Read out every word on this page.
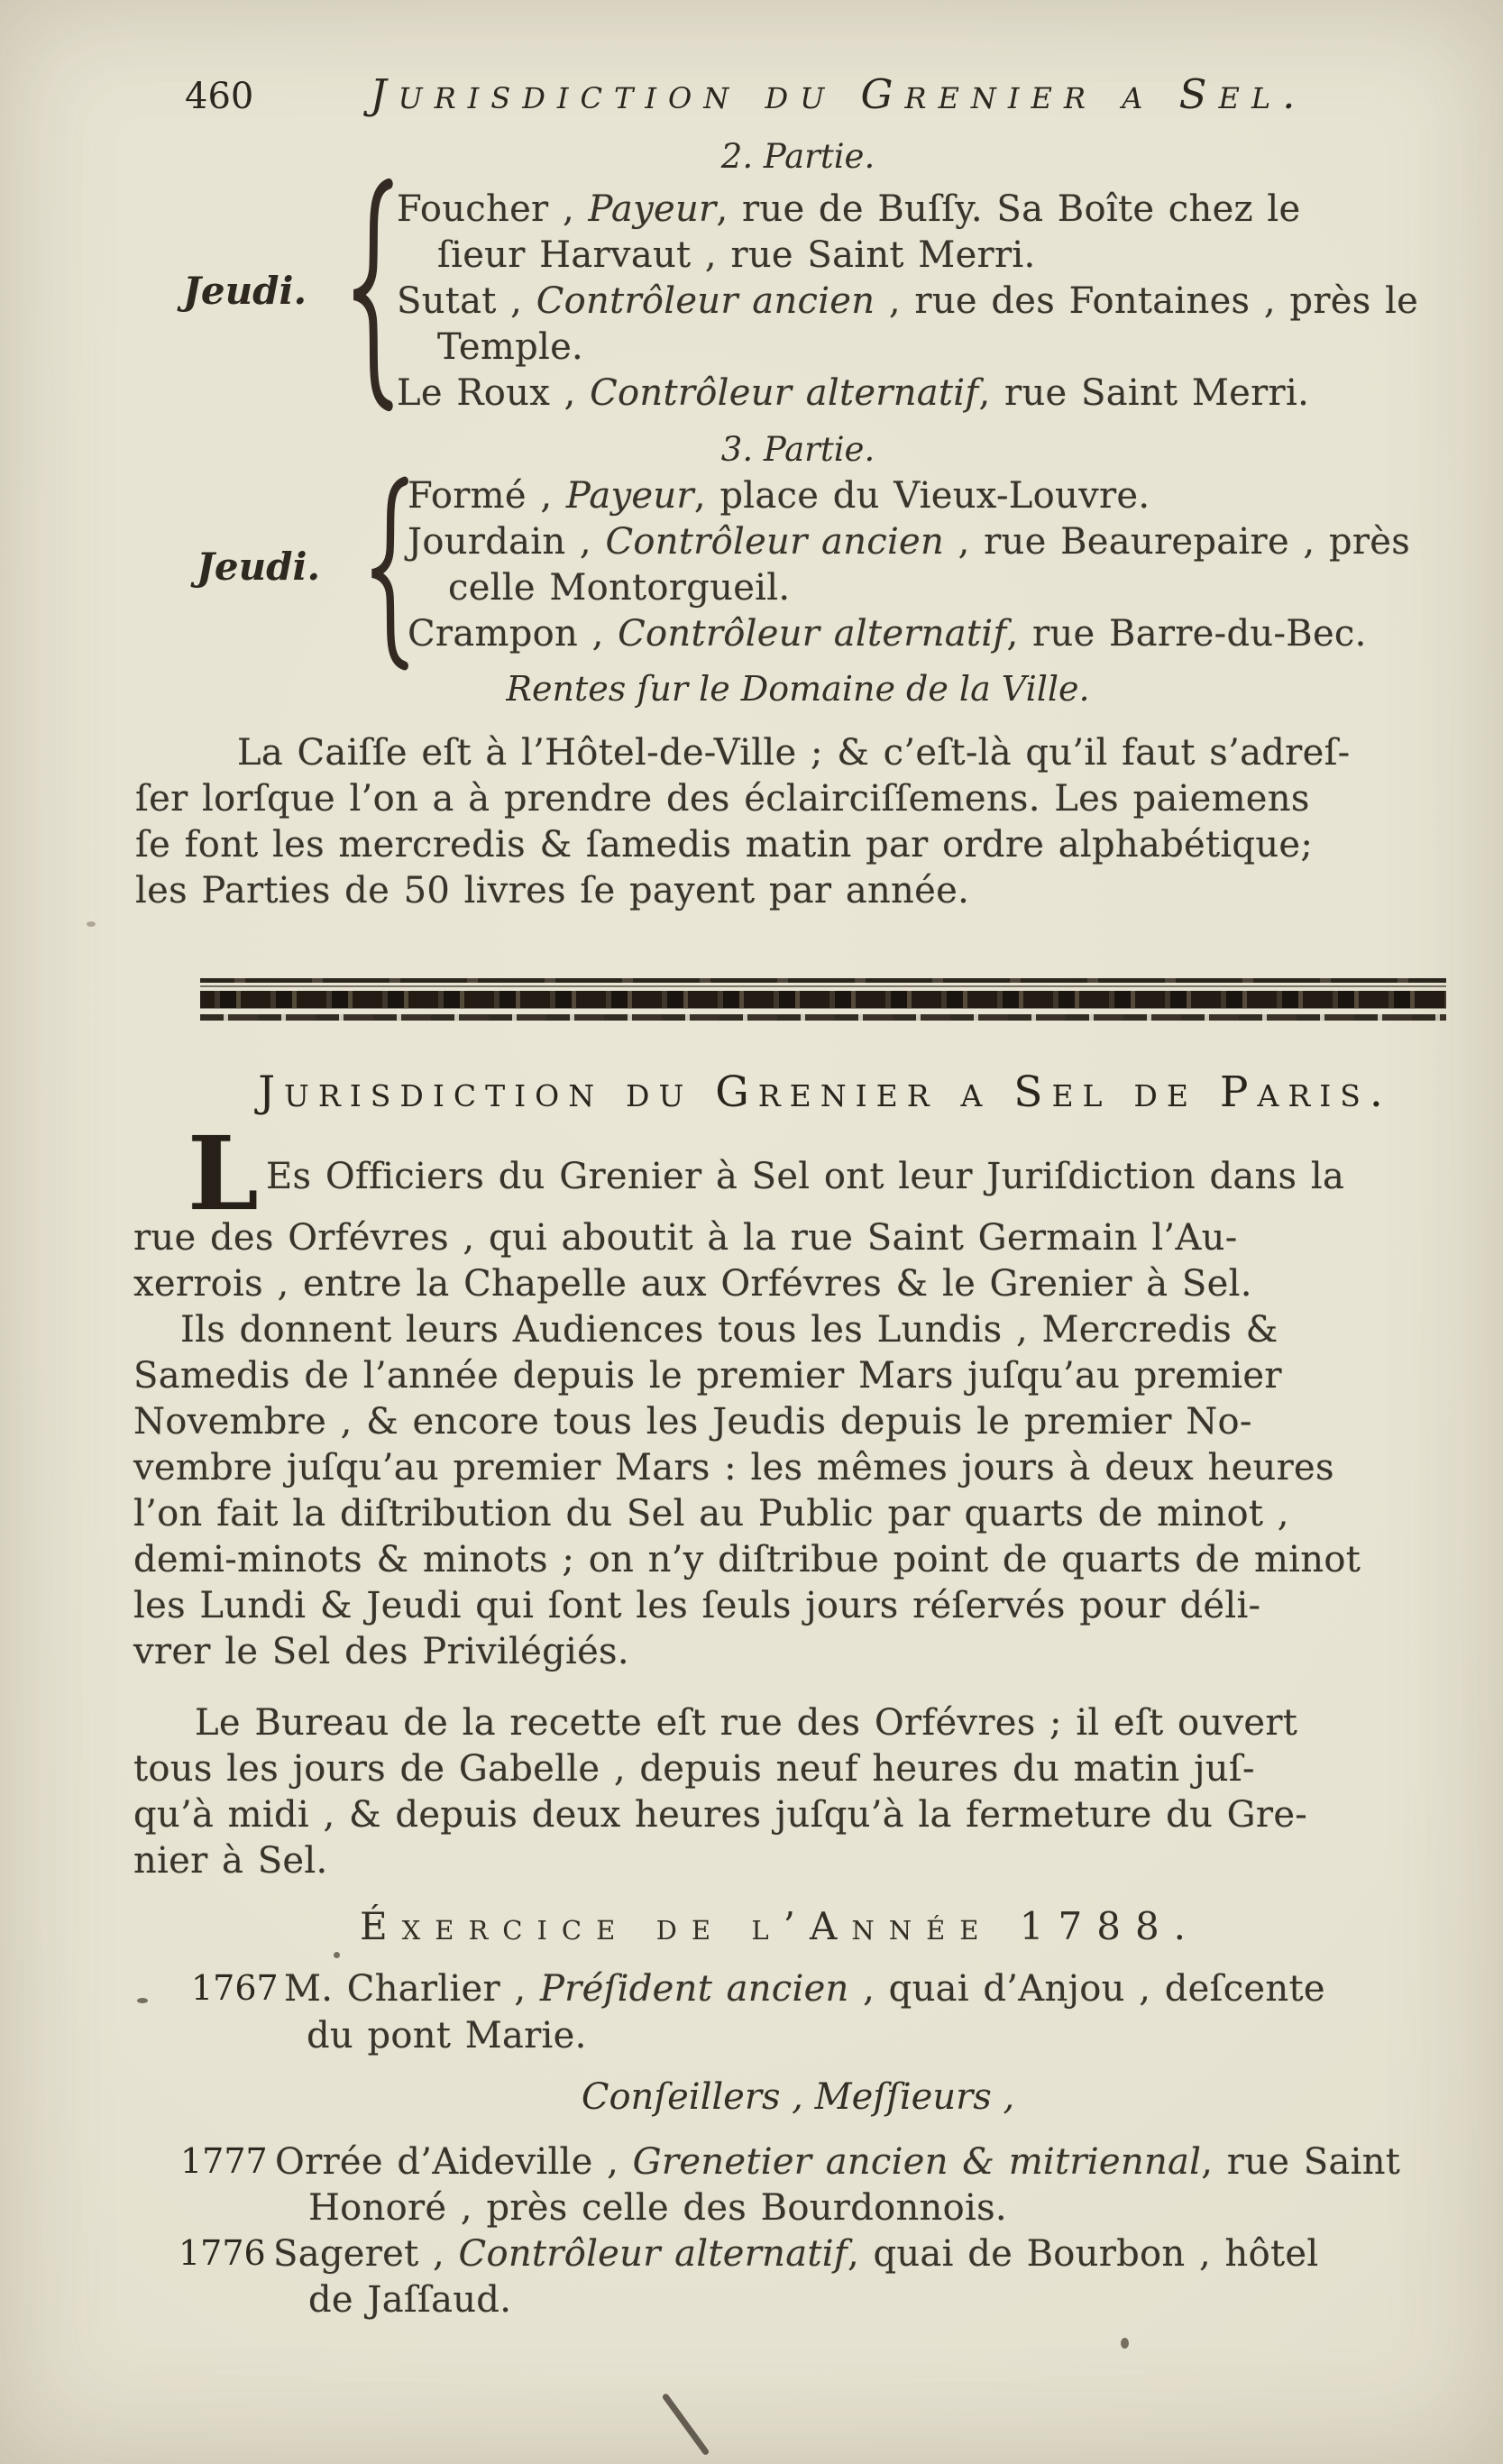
460	Jurisdiction du Grenier a Sel.
2. Partie.
Jeudi.
Foucher , Payeur, rue de Buſſy. Sa Boîte chez le
ſieur Harvaut , rue Saint Merri.
Sutat , Contrôleur ancien , rue des Fontaines , près le
Temple.
Le Roux , Contrôleur alternatif, rue Saint Merri.
3. Partie.
Jeudi.
Formé , Payeur, place du Vieux-Louvre.
Jourdain , Contrôleur ancien , rue Beaurepaire , près
celle Montorgueil.
Crampon , Contrôleur alternatif, rue Barre-du-Bec.
Rentes ſur le Domaine de la Ville.
La Caiſſe eſt à l’Hôtel-de-Ville ; & c’eſt-là qu’il faut s’adreſ-
ſer lorſque l’on a à prendre des éclairciſſemens. Les paiemens
ſe font les mercredis & ſamedis matin par ordre alphabétique;
les Parties de 50 livres ſe payent par année.
Jurisdiction du Grenier a Sel de Paris.
L Es Officiers du Grenier à Sel ont leur Juriſdiction dans la
rue des Orfévres , qui aboutit à la rue Saint Germain l’Au-
xerrois , entre la Chapelle aux Orfévres & le Grenier à Sel.
Ils donnent leurs Audiences tous les Lundis , Mercredis &
Samedis de l’année depuis le premier Mars juſqu’au premier
Novembre , & encore tous les Jeudis depuis le premier No-
vembre juſqu’au premier Mars : les mêmes jours à deux heures
l’on fait la diſtribution du Sel au Public par quarts de minot ,
demi-minots & minots ; on n’y diſtribue point de quarts de minot
les Lundi & Jeudi qui ſont les ſeuls jours réſervés pour déli-
vrer le Sel des Privilégiés.
Le Bureau de la recette eſt rue des Orfévres ; il eſt ouvert
tous les jours de Gabelle , depuis neuf heures du matin juſ-
qu’à midi , & depuis deux heures juſqu’à la fermeture du Gre-
nier à Sel.
Éxercice de l’Année 1788.
1767 M. Charlier , Préſident ancien , quai d’Anjou , deſcente
du pont Marie.
Conſeillers , Meſſieurs ,
1777 Orrée d’Aideville , Grenetier ancien & mitriennal, rue Saint
Honoré , près celle des Bourdonnois.
1776 Sageret , Contrôleur alternatif, quai de Bourbon , hôtel
de Jaſſaud.
